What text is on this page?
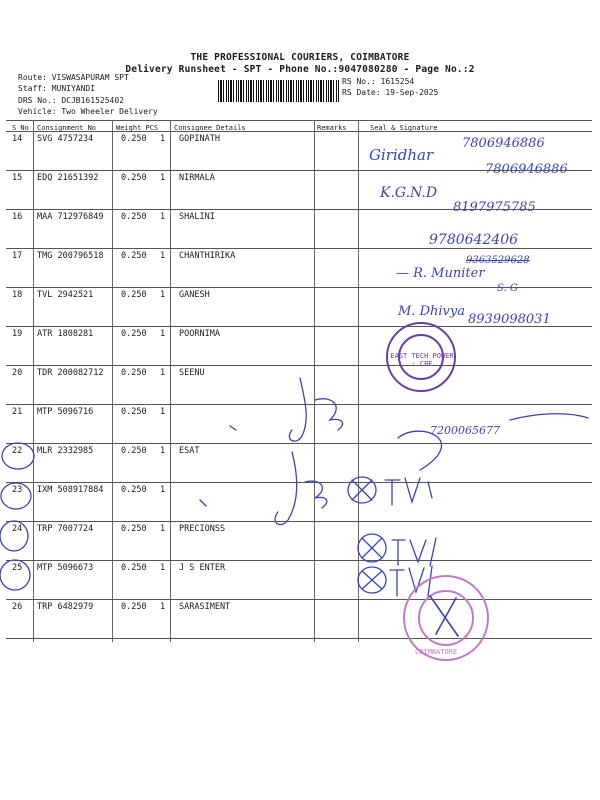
THE PROFESSIONAL COURIERS, COIMBATORE
Delivery Runsheet - SPT - Phone No.:9047080280 - Page No.:2
Route: VISWASAPURAM SPT
Staff: MUNIYANDI
DRS No.: DCJB161525402
Vehicle: Two Wheeler Delivery
RS No.: 1615254
RS Date: 19-Sep-2025
S No Consignment No	Weight PCS Consignee Details	Remarks	Seal & Signature
14 SVG 4757234	0.250 1 GOPINATH
15 EDQ 21651392	0.250 1 NIRMALA
16 MAA 712976849 0.250 1 SHALINI
17 TMG 200796518 0.250 1 CHANTHIRIKA
18 TVL 2942521	0.250 1 GANESH
19 ATR 1808281	0.250 1 POORNIMA
20 TDR 200082712 0.250 1 SEENU
21 MTP 5096716	0.250 1
22 MLR 2332985	0.250 1 ESAT
23 IXM 508917884 0.250 1
24 TRP 7007724	0.250 1 PRECIONSS
25 MTP 5096673	0.250 1 J S ENTER
26 TRP 6482979	0.250 1 SARASIMENT
Giridhar
7806946886
7806946886
K.G.N.D
8197975785
9780642406
9363529628
— R. Muniter
S. G
M. Dhivya
8939098031
7200065677
EAST TECH POWER · CBE
COIMBATORE
